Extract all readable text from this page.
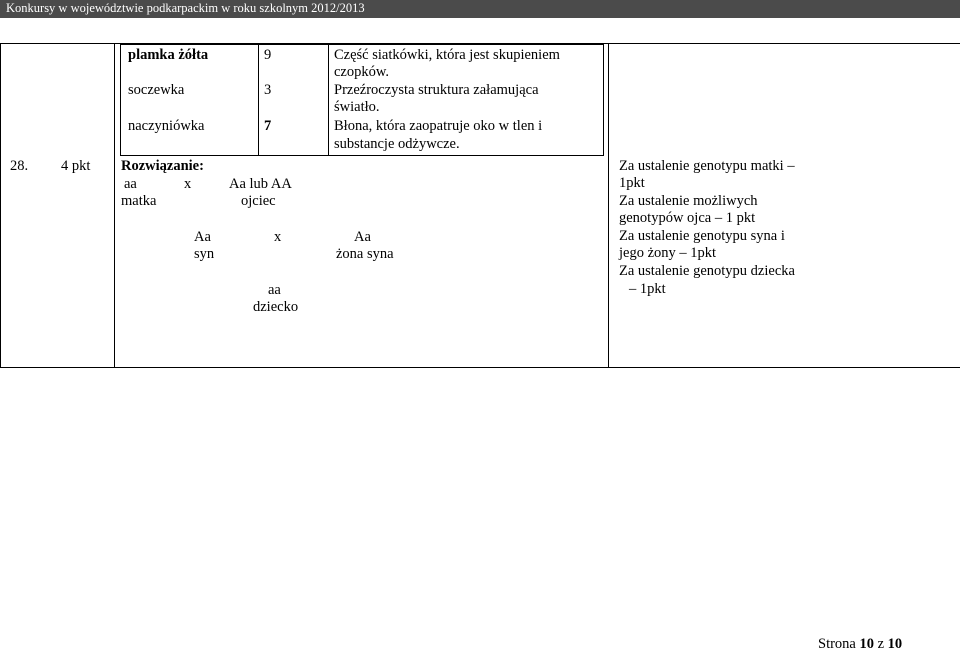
Konkursy w województwie podkarpackim w roku szkolnym 2012/2013
plamka żółta	9	Część siatkówki, która jest skupieniem
czopków.
soczewka	3	Przeźroczysta struktura załamująca
światło.
naczyniówka	7	Błona, która zaopatruje oko w tlen i
substancje odżywcze.
28. 4 pkt Rozwiązanie:
aa	x	Aa lub AA
matka	ojciec
Aa	x	Aa
syn	żona syna
aa
dziecko
Za ustalenie genotypu matki –
1pkt
Za ustalenie możliwych
genotypów ojca – 1 pkt
Za ustalenie genotypu syna i
jego żony – 1pkt
Za ustalenie genotypu dziecka
– 1pkt
Strona 10 z 10
